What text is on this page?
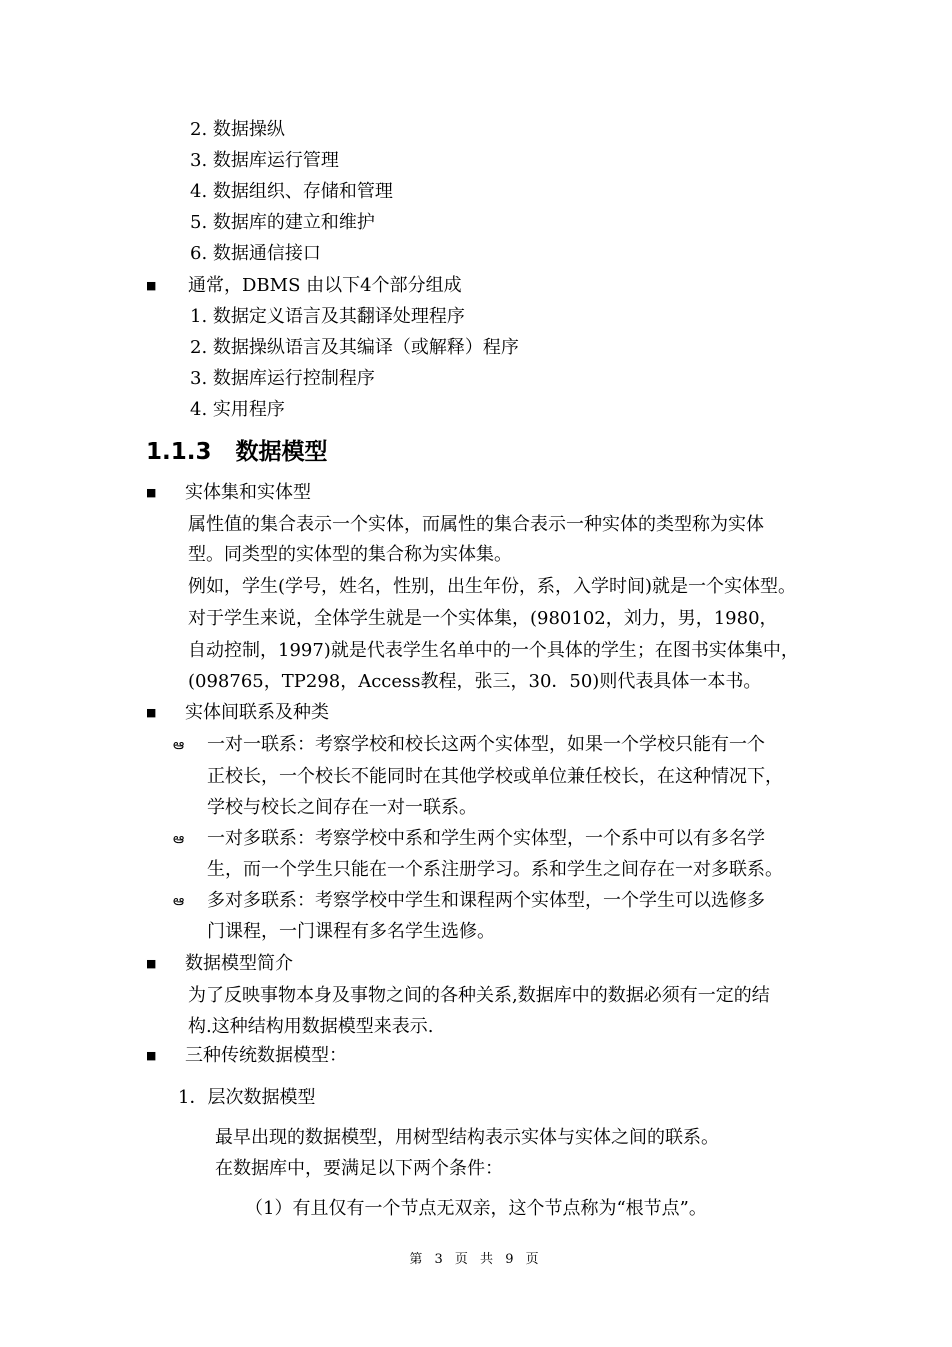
2. 数据操纵
3. 数据库运行管理
4. 数据组织、存储和管理
5. 数据库的建立和维护
6. 数据通信接口
■ 通常，DBMS 由以下4个部分组成
1. 数据定义语言及其翻译处理程序
2. 数据操纵语言及其编译（或解释）程序
3. 数据库运行控制程序
4. 实用程序
1.1.3 数据模型
■ 实体集和实体型
属性值的集合表示一个实体，而属性的集合表示一种实体的类型称为实体
型。同类型的实体型的集合称为实体集。
例如，学生(学号，姓名，性别，出生年份，系，入学时间)就是一个实体型。
对于学生来说，全体学生就是一个实体集，(980102，刘力，男，1980，
自动控制，1997)就是代表学生名单中的一个具体的学生；在图书实体集中，
(098765，TP298，Access教程，张三，30．50)则代表具体一本书。
■ 实体间联系及种类
ఆ 一对一联系：考察学校和校长这两个实体型，如果一个学校只能有一个
正校长，一个校长不能同时在其他学校或单位兼任校长，在这种情况下，
学校与校长之间存在一对一联系。
ఆ 一对多联系：考察学校中系和学生两个实体型，一个系中可以有多名学
生，而一个学生只能在一个系注册学习。系和学生之间存在一对多联系。
ఆ 多对多联系：考察学校中学生和课程两个实体型，一个学生可以选修多
门课程，一门课程有多名学生选修。
■ 数据模型简介
为了反映事物本身及事物之间的各种关系,数据库中的数据必须有一定的结
构.这种结构用数据模型来表示.
■ 三种传统数据模型：
1．层次数据模型
最早出现的数据模型，用树型结构表示实体与实体之间的联系。
在数据库中，要满足以下两个条件：
（1）有且仅有一个节点无双亲，这个节点称为“根节点”。
第 3 页 共 9 页
